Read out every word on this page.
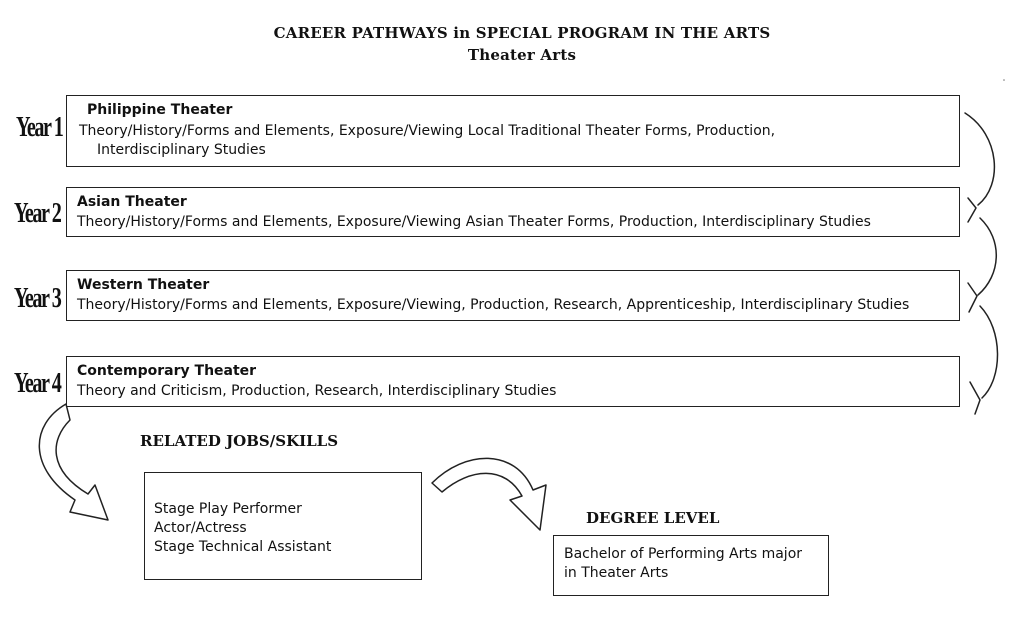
CAREER PATHWAYS in SPECIAL PROGRAM IN THE ARTS
Theater Arts
Year 1
Year 2
Year 3
Year 4
Philippine Theater
Theory/History/Forms and Elements, Exposure/Viewing Local Traditional Theater Forms, Production,
Interdisciplinary Studies
Asian Theater
Theory/History/Forms and Elements, Exposure/Viewing Asian Theater Forms, Production, Interdisciplinary Studies
Western Theater
Theory/History/Forms and Elements, Exposure/Viewing, Production, Research, Apprenticeship, Interdisciplinary Studies
Contemporary Theater
Theory and Criticism, Production, Research, Interdisciplinary Studies
RELATED JOBS/SKILLS
Stage Play Performer
Actor/Actress
Stage Technical Assistant
DEGREE LEVEL
Bachelor of Performing Arts major
in Theater Arts
